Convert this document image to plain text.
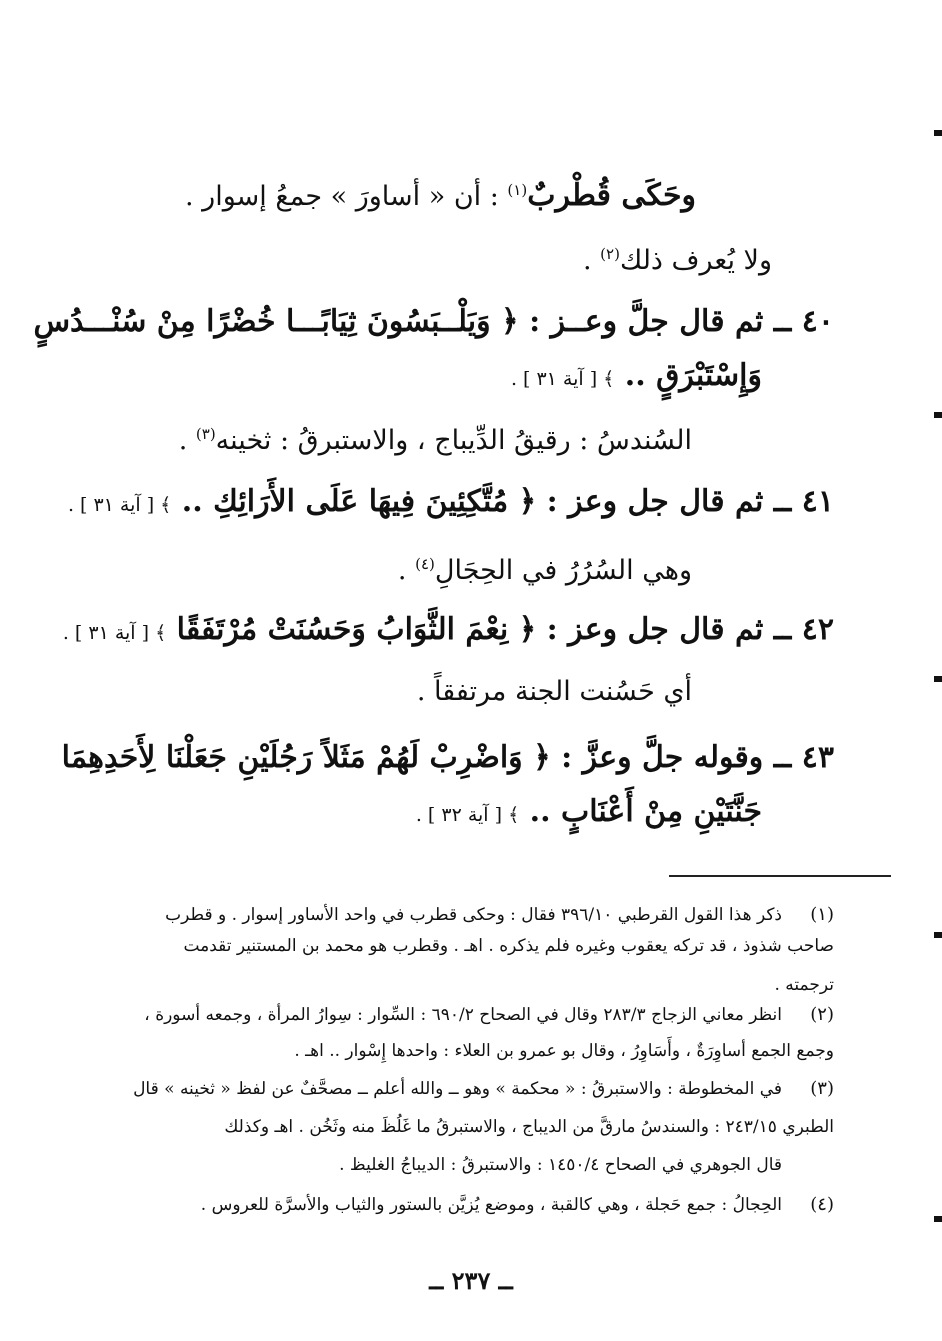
وحَكَى قُطْربٌ$^{(١)}$ : أن « أساورَ » جمعُ إسوار .
ولا يُعرف ذلك$^{(٢)}$ .
٤٠ ــ ثم قال جلَّ وعــز : ﴿ وَيَلْــبَسُونَ ثِيَابًـــا خُضْرًا مِنْ سُنْـــدُسٍ
وَإِسْتَبْرَقٍ .. ﴾ [ آية ٣١ ] .
السُندسُ : رقيقُ الدِّيباج ، والاستبرقُ : ثخينه$^{(٣)}$ .
٤١ ــ ثم قال جل وعز : ﴿ مُتَّكِئِينَ فِيهَا عَلَى الأَرَائِكِ .. ﴾ [ آية ٣١ ] .
وهي السُرُرُ في الحِجَالِ$^{(٤)}$ .
٤٢ ــ ثم قال جل وعز : ﴿ نِعْمَ الثَّوَابُ وَحَسُنَتْ مُرْتَفَقًا ﴾ [ آية ٣١ ] .
أي حَسُنت الجنة مرتفقاً .
٤٣ ــ وقوله جلَّ وعزَّ : ﴿ وَاضْرِبْ لَهُمْ مَثَلاً رَجُلَيْنِ جَعَلْنَا لِأَحَدِهِمَا
جَنَّتَيْنِ مِنْ أَعْنَابٍ .. ﴾ [ آية ٣٢ ] .
(١)
ذكر هذا القول القرطبي ٣٩٦/١٠ فقال : وحكى قطرب في واحد الأساور إسوار . و قطرب
صاحب شذوذ ، قد تركه يعقوب وغيره فلم يذكره . اهـ . وقطرب هو محمد بن المستنير تقدمت
ترجمته .
(٢)
انظر معاني الزجاج ٢٨٣/٣ وقال في الصحاح ٦٩٠/٢ : السِّوار : سِوارُ المرأة ، وجمعه أسورة ،
وجمع الجمع أساوِرَةٌ ، وأَسَاوِرُ ، وقال بو عمرو بن العلاء : واحدها إِسْوار .. اهـ .
(٣)
في المخطوطة : والاستبرقُ : « محكمة » وهو ــ والله أعلم ــ مصحَّفٌ عن لفظ « ثخينه » قال
الطبري ٢٤٣/١٥ : والسندسُ مارقَّ من الديباج ، والاستبرقُ ما غَلُظَ منه وثَخُن . اهـ وكذلك
قال الجوهري في الصحاح ١٤٥٠/٤ : والاستبرقُ : الديباجُ الغليظ .
(٤)
الحِجالُ : جمع حَجلة ، وهي كالقبة ، وموضع يُزيَّن بالستور والثياب والأسرَّة للعروس .
ــ ٢٣٧ ــ
